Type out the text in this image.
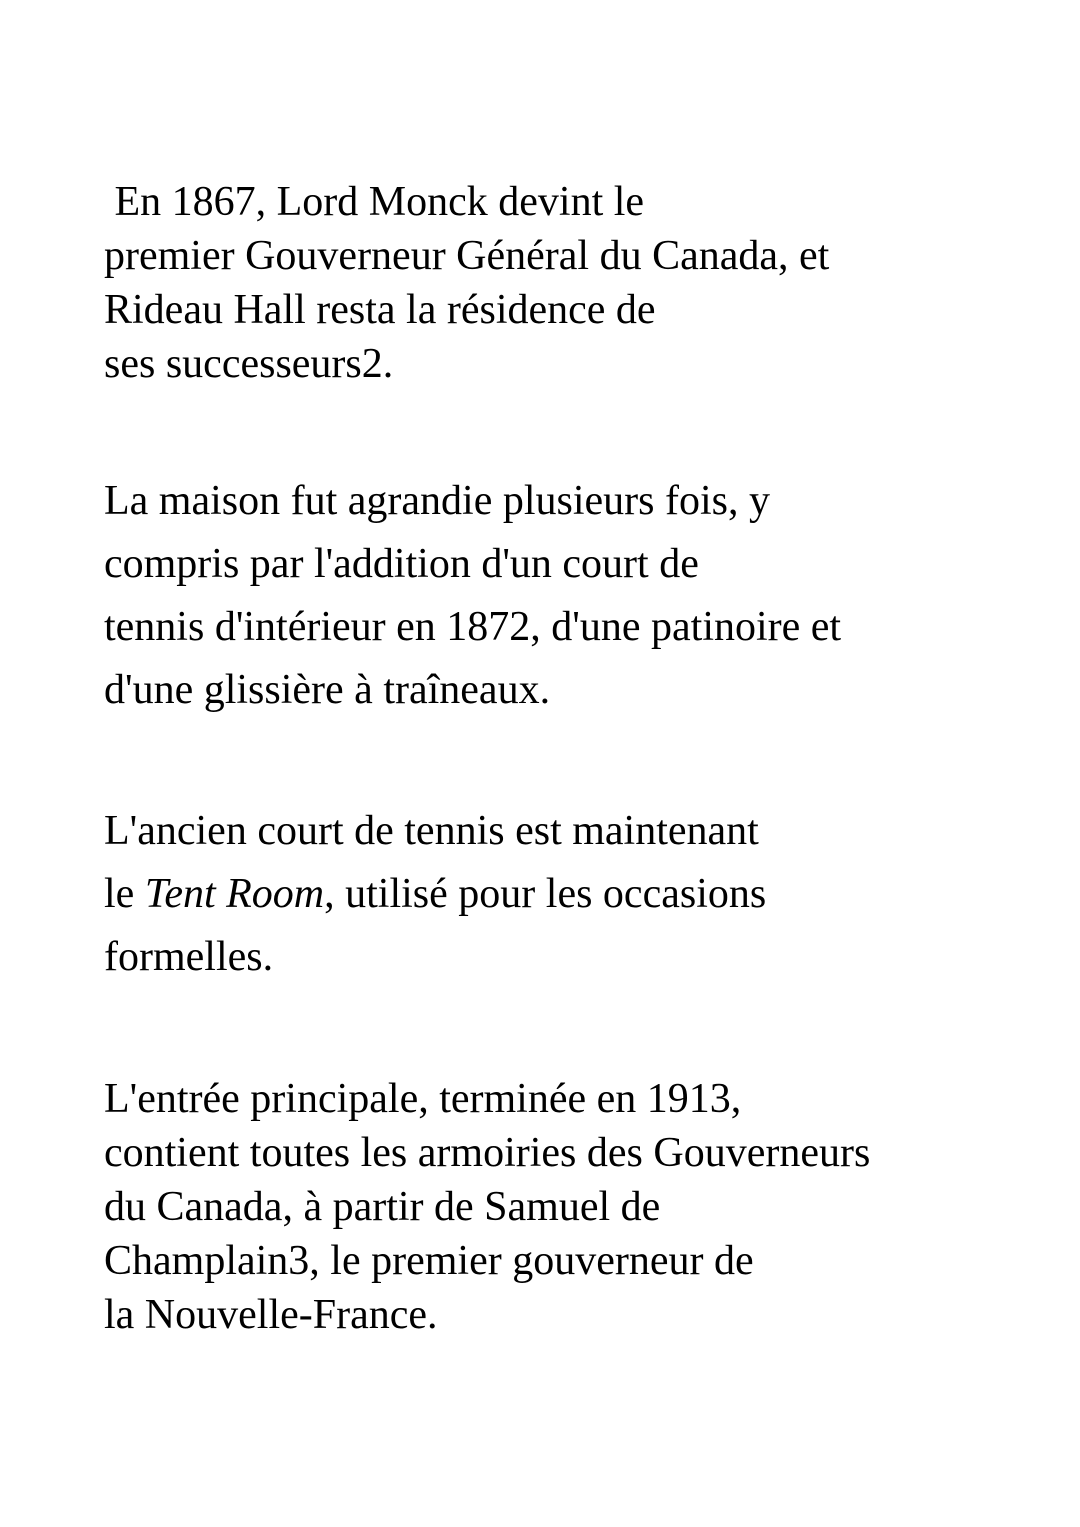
En 1867, Lord Monck devint le
premier Gouverneur Général du Canada, et
Rideau Hall resta la résidence de
ses successeurs2.

La maison fut agrandie plusieurs fois, y
compris par l'addition d'un court de
tennis d'intérieur en 1872, d'une patinoire et
d'une glissière à traîneaux.

L'ancien court de tennis est maintenant
le Tent Room, utilisé pour les occasions
formelles.

L'entrée principale, terminée en 1913,
contient toutes les armoiries des Gouverneurs
du Canada, à partir de Samuel de
Champlain3, le premier gouverneur de
la Nouvelle-France.
